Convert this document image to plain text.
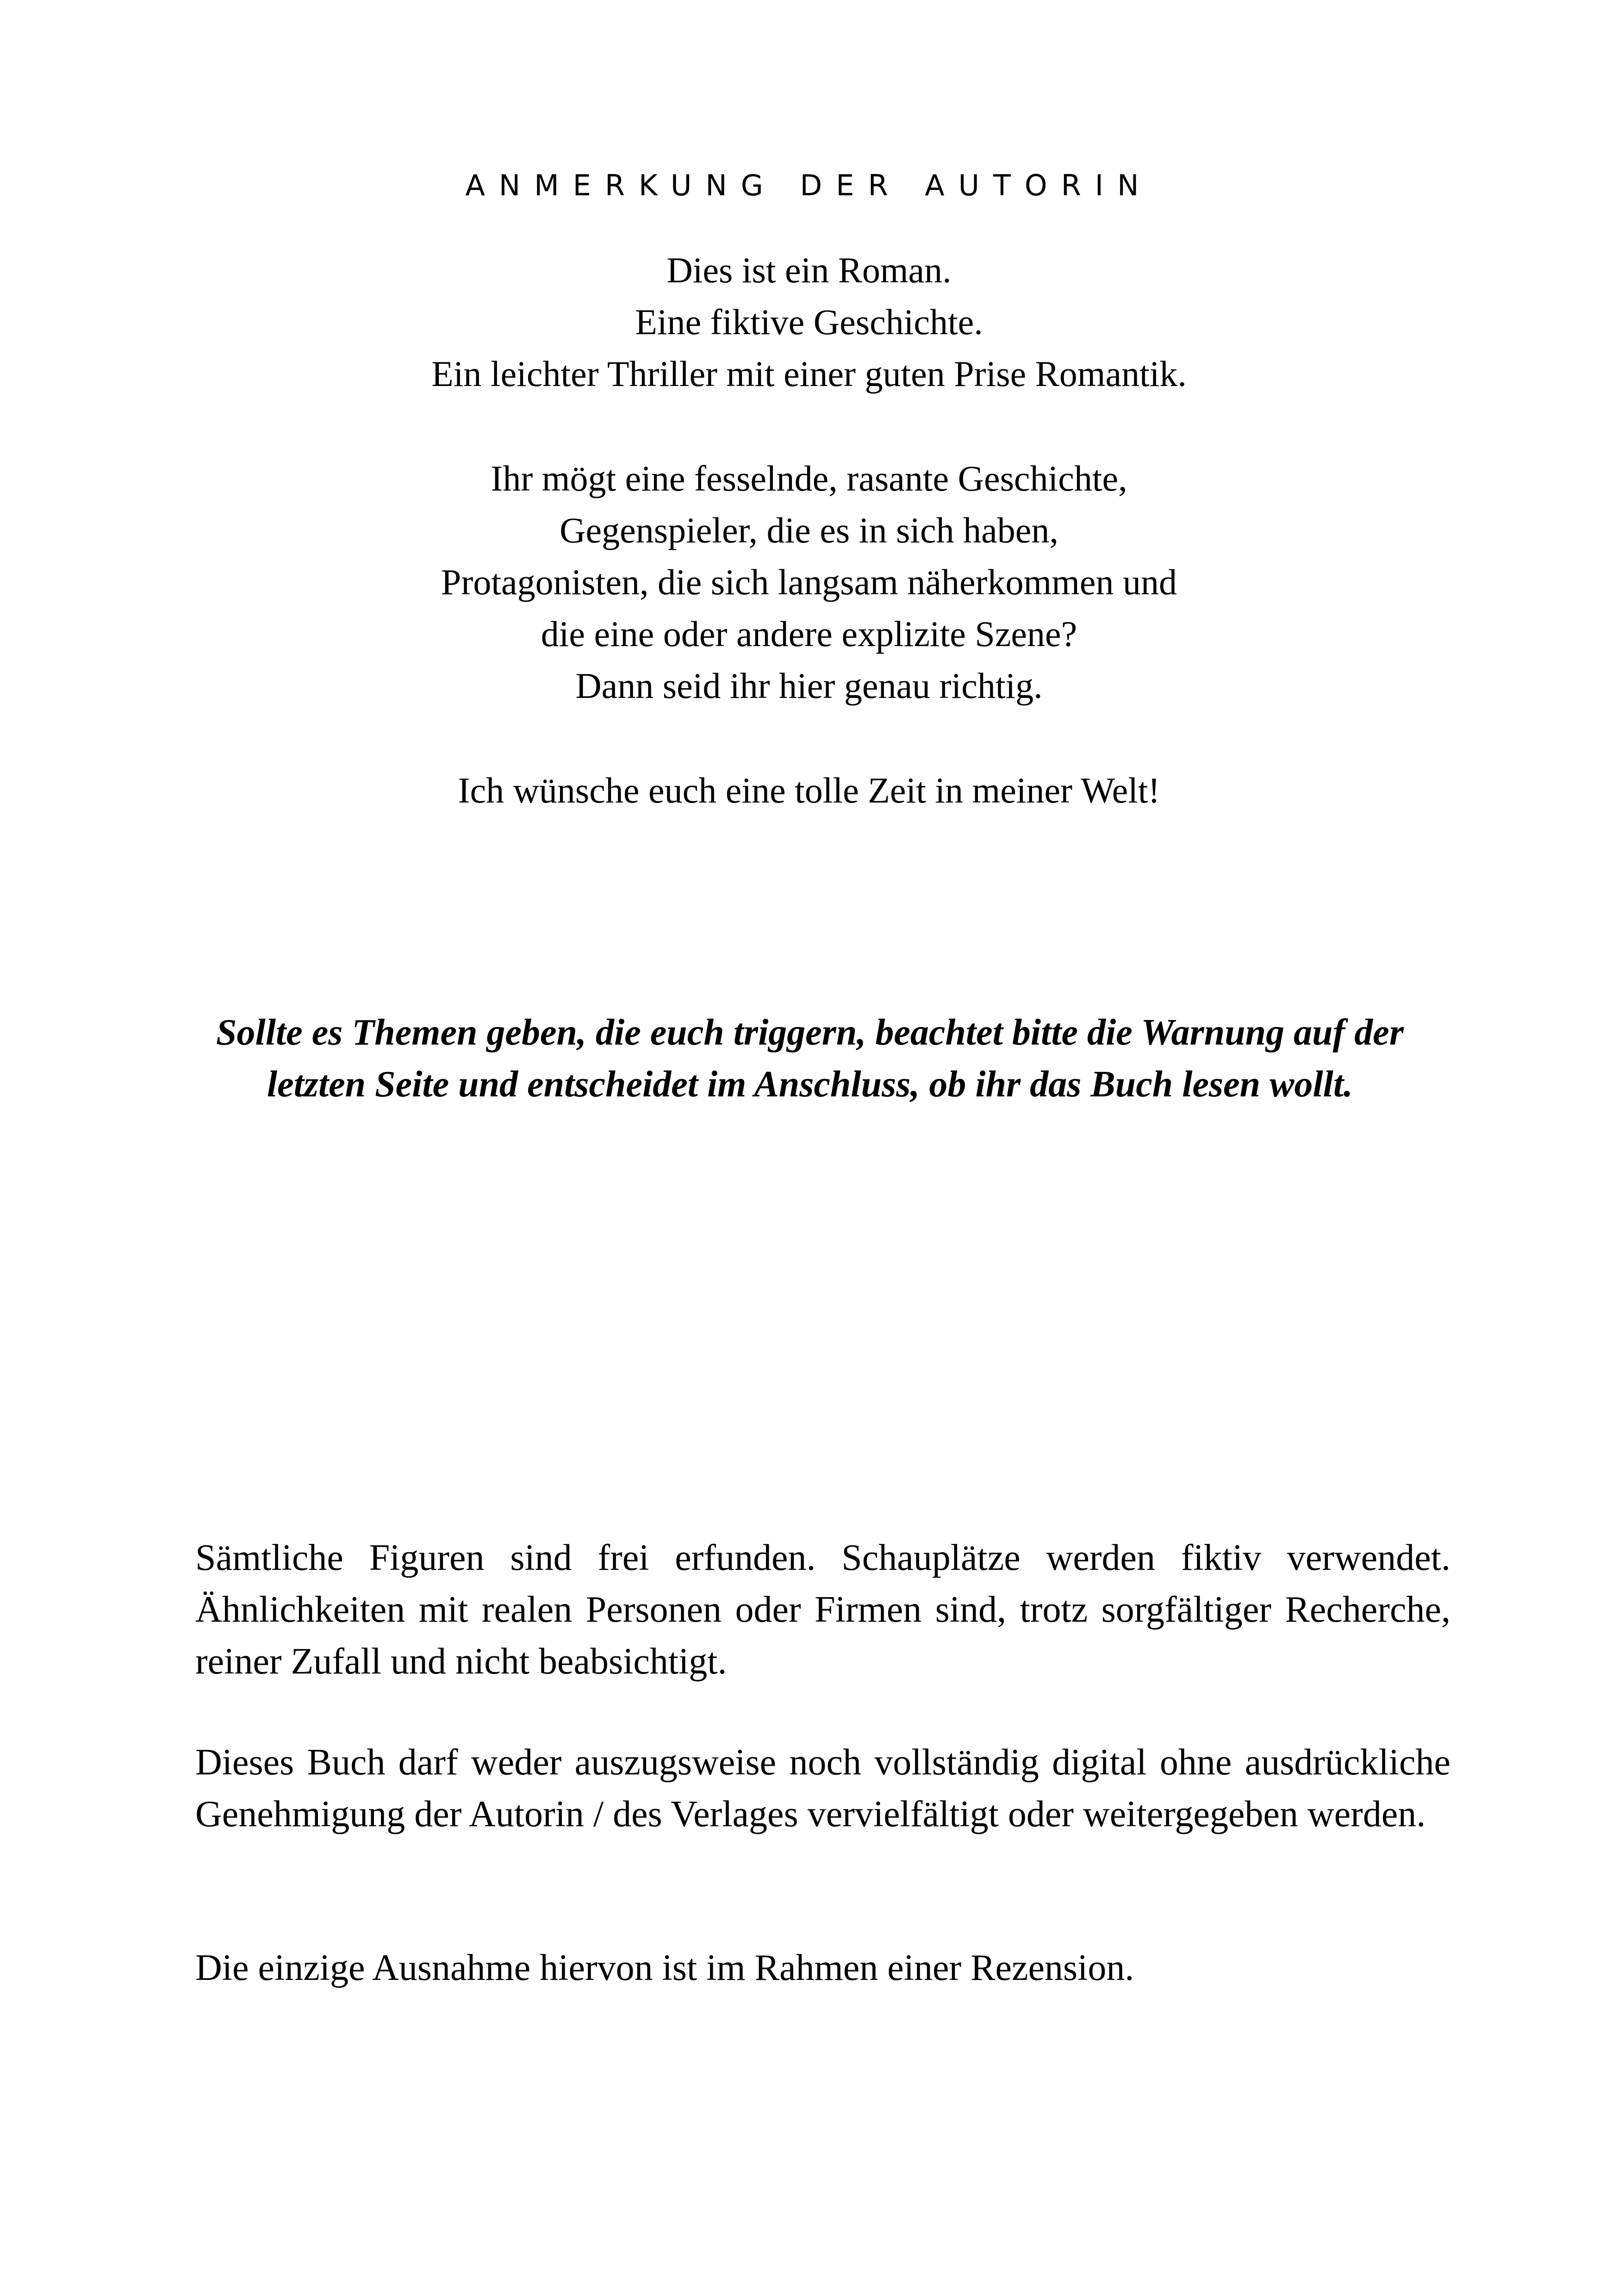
ANMERKUNG DER AUTORIN
Dies ist ein Roman.
Eine fiktive Geschichte.
Ein leichter Thriller mit einer guten Prise Romantik.
Ihr mögt eine fesselnde, rasante Geschichte,
Gegenspieler, die es in sich haben,
Protagonisten, die sich langsam näherkommen und
die eine oder andere explizite Szene?
Dann seid ihr hier genau richtig.
Ich wünsche euch eine tolle Zeit in meiner Welt!
Sollte es Themen geben, die euch triggern, beachtet bitte die Warnung auf der letzten Seite und entscheidet im Anschluss, ob ihr das Buch lesen wollt.

Sämtliche Figuren sind frei erfunden. Schauplätze werden fiktiv verwendet. Ähnlichkeiten mit realen Personen oder Firmen sind, trotz sorgfältiger Recherche, reiner Zufall und nicht beabsichtigt.

Dieses Buch darf weder auszugsweise noch vollständig digital ohne ausdrückliche Genehmigung der Autorin / des Verlages vervielfältigt oder weitergegeben werden.

Die einzige Ausnahme hiervon ist im Rahmen einer Rezension.
